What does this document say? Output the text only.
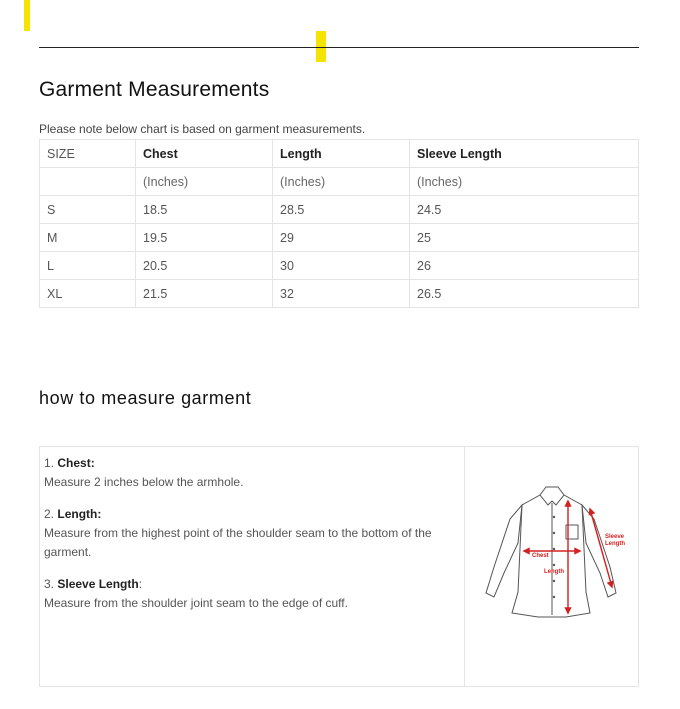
Garment Measurements
Please note below chart is based on garment measurements.
SIZE	Chest	Length	Sleeve Length
	(Inches)	(Inches)	(Inches)
S	18.5	28.5	24.5
M	19.5	29	25
L	20.5	30	26
XL	21.5	32	26.5
how to measure garment

1. Chest:

Measure 2 inches below the armhole.

2. Length:

Measure from the highest point of the shoulder seam to the bottom of the garment.

3. Sleeve Length:

Measure from the shoulder joint seam to the edge of cuff.

Chest
Length
Sleeve
Length
